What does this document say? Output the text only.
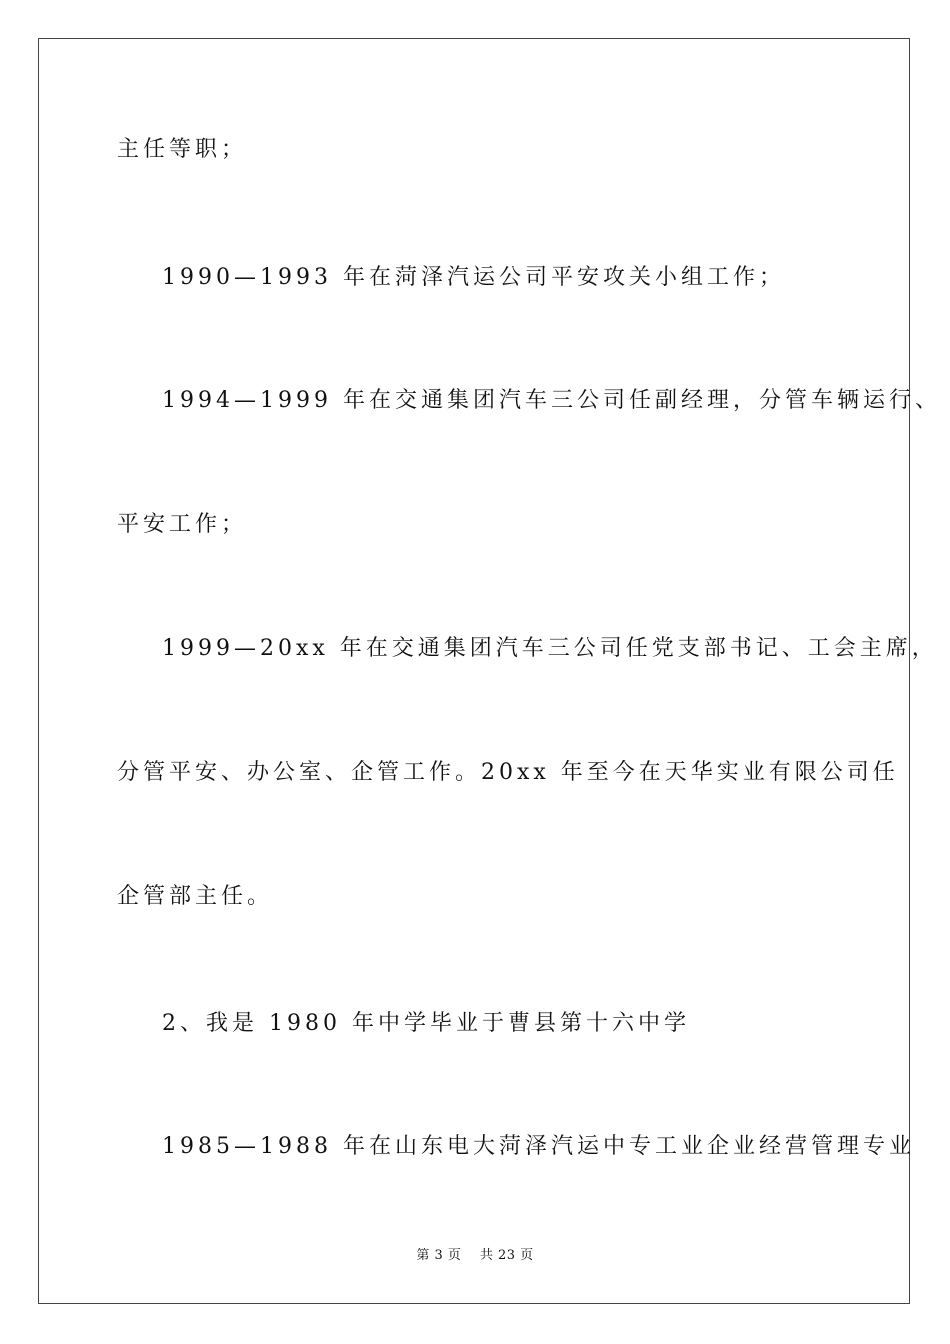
主任等职；
1990—1993 年在菏泽汽运公司平安攻关小组工作；
1994—1999 年在交通集团汽车三公司任副经理，分管车辆运行、
平安工作；
1999—20xx 年在交通集团汽车三公司任党支部书记、工会主席，
分管平安、办公室、企管工作。20xx 年至今在天华实业有限公司任
企管部主任。
2、我是 1980 年中学毕业于曹县第十六中学
1985—1988 年在山东电大菏泽汽运中专工业企业经营管理专业
第 3 页    共 23 页
